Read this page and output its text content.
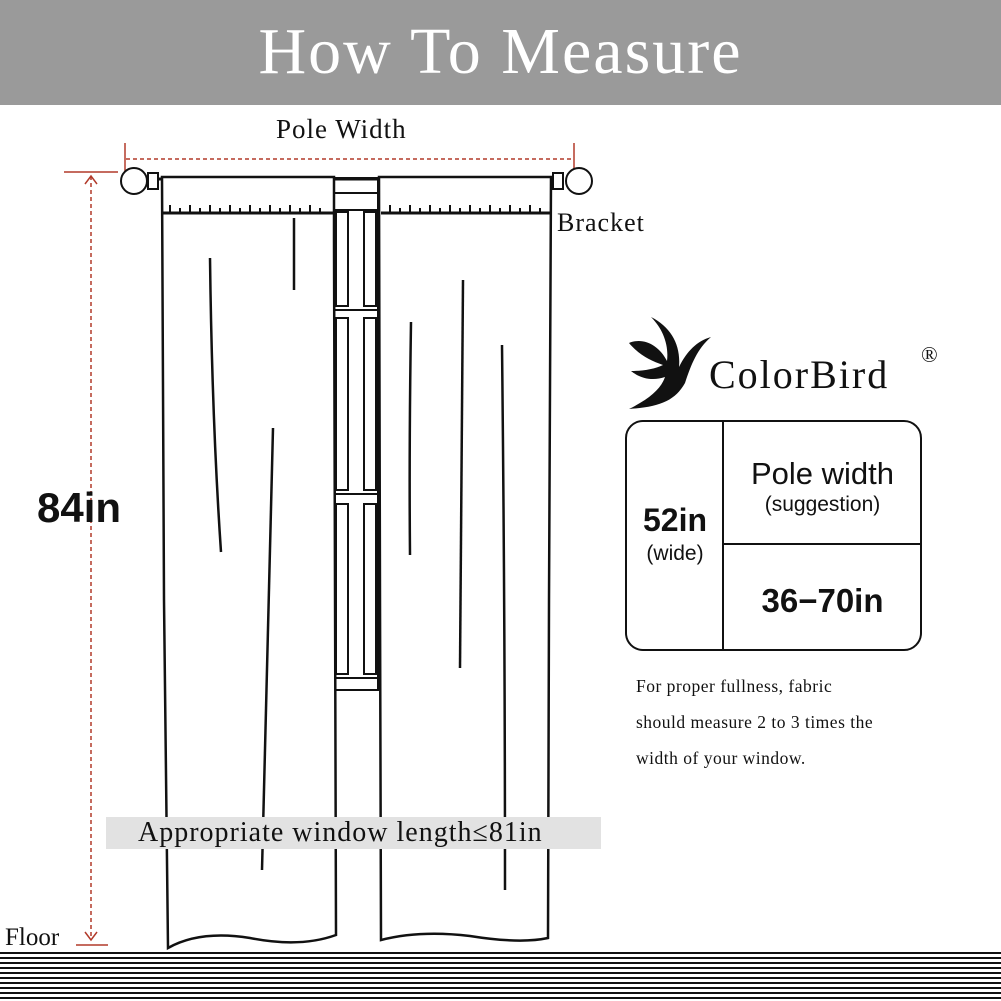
How To Measure
Pole Width
Bracket
84in
Floor
Appropriate window length≤81in
ColorBird ®
52in
(wide)
Pole width
(suggestion)
36−70in
For proper fullness, fabric
should measure 2 to 3 times the
width of your window.
